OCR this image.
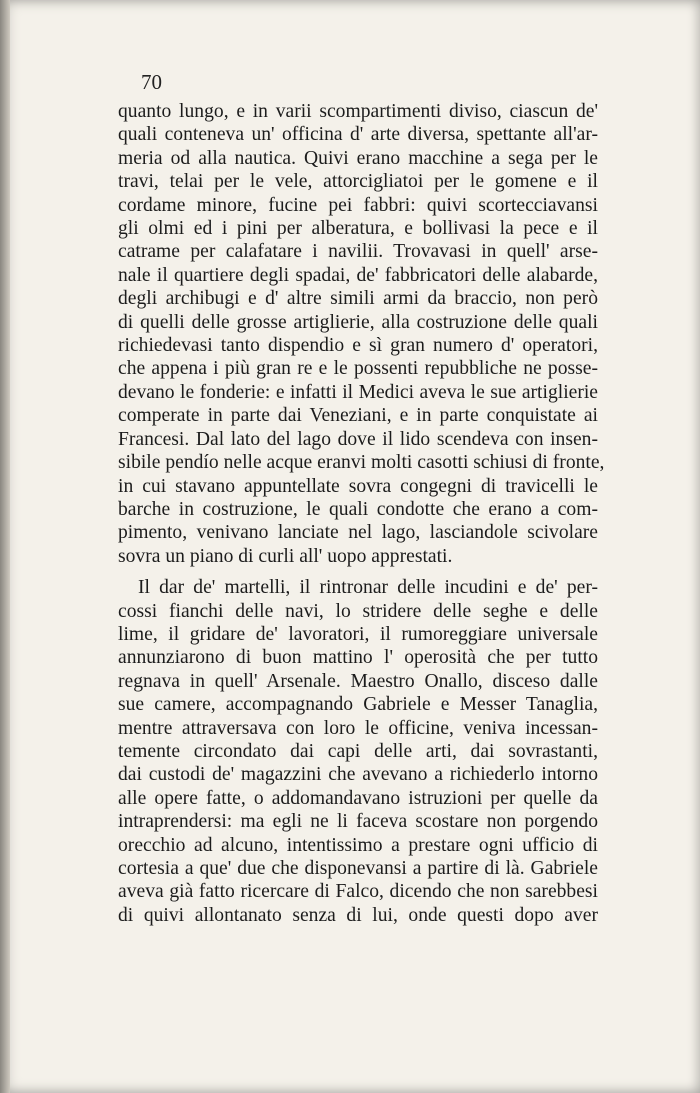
70
quanto lungo, e in varii scompartimenti diviso, ciascun de'
quali conteneva un' officina d' arte diversa, spettante all'ar-
meria od alla nautica. Quivi erano macchine a sega per le
travi, telai per le vele, attorcigliatoi per le gomene e il
cordame minore, fucine pei fabbri: quivi scortecciavansi
gli olmi ed i pini per alberatura, e bollivasi la pece e il
catrame per calafatare i navilii. Trovavasi in quell' arse-
nale il quartiere degli spadai, de' fabbricatori delle alabarde,
degli archibugi e d' altre simili armi da braccio, non però
di quelli delle grosse artiglierie, alla costruzione delle quali
richiedevasi tanto dispendio e sì gran numero d' operatori,
che appena i più gran re e le possenti repubbliche ne posse-
devano le fonderie: e infatti il Medici aveva le sue artiglierie
comperate in parte dai Veneziani, e in parte conquistate ai
Francesi. Dal lato del lago dove il lido scendeva con insen-
sibile pendío nelle acque eranvi molti casotti schiusi di fronte,
in cui stavano appuntellate sovra congegni di travicelli le
barche in costruzione, le quali condotte che erano a com-
pimento, venivano lanciate nel lago, lasciandole scivolare
sovra un piano di curli all' uopo apprestati.
Il dar de' martelli, il rintronar delle incudini e de' per-
cossi fianchi delle navi, lo stridere delle seghe e delle
lime, il gridare de' lavoratori, il rumoreggiare universale
annunziarono di buon mattino l' operosità che per tutto
regnava in quell' Arsenale. Maestro Onallo, disceso dalle
sue camere, accompagnando Gabriele e Messer Tanaglia,
mentre attraversava con loro le officine, veniva incessan-
temente circondato dai capi delle arti, dai sovrastanti,
dai custodi de' magazzini che avevano a richiederlo intorno
alle opere fatte, o addomandavano istruzioni per quelle da
intraprendersi: ma egli ne li faceva scostare non porgendo
orecchio ad alcuno, intentissimo a prestare ogni ufficio di
cortesia a que' due che disponevansi a partire di là. Gabriele
aveva già fatto ricercare di Falco, dicendo che non sarebbesi
di quivi allontanato senza di lui, onde questi dopo aver
